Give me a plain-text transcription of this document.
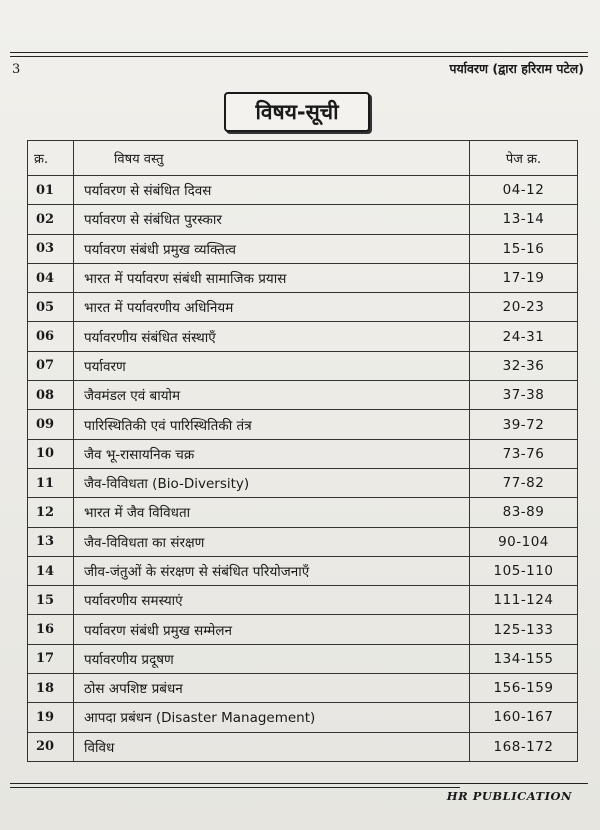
3	पर्यावरण (द्वारा हरिराम पटेल)
विषय-सूची
क्र.	विषय वस्तु	पेज क्र.
01	पर्यावरण से संबंधित दिवस	04-12
02	पर्यावरण से संबंधित पुरस्कार	13-14
03	पर्यावरण संबंधी प्रमुख व्यक्तित्व	15-16
04	भारत में पर्यावरण संबंधी सामाजिक प्रयास	17-19
05	भारत में पर्यावरणीय अधिनियम	20-23
06	पर्यावरणीय संबंधित संस्थाएँ	24-31
07	पर्यावरण	32-36
08	जैवमंडल एवं बायोम	37-38
09	पारिस्थितिकी एवं पारिस्थितिकी तंत्र	39-72
10	जैव भू-रासायनिक चक्र	73-76
11	जैव-विविधता (Bio-Diversity)	77-82
12	भारत में जैव विविधता	83-89
13	जैव-विविधता का संरक्षण	90-104
14	जीव-जंतुओं के संरक्षण से संबंधित परियोजनाएँ	105-110
15	पर्यावरणीय समस्याएं	111-124
16	पर्यावरण संबंधी प्रमुख सम्मेलन	125-133
17	पर्यावरणीय प्रदूषण	134-155
18	ठोस अपशिष्ट प्रबंधन	156-159
19	आपदा प्रबंधन (Disaster Management)	160-167
20	विविध	168-172
HR PUBLICATION
